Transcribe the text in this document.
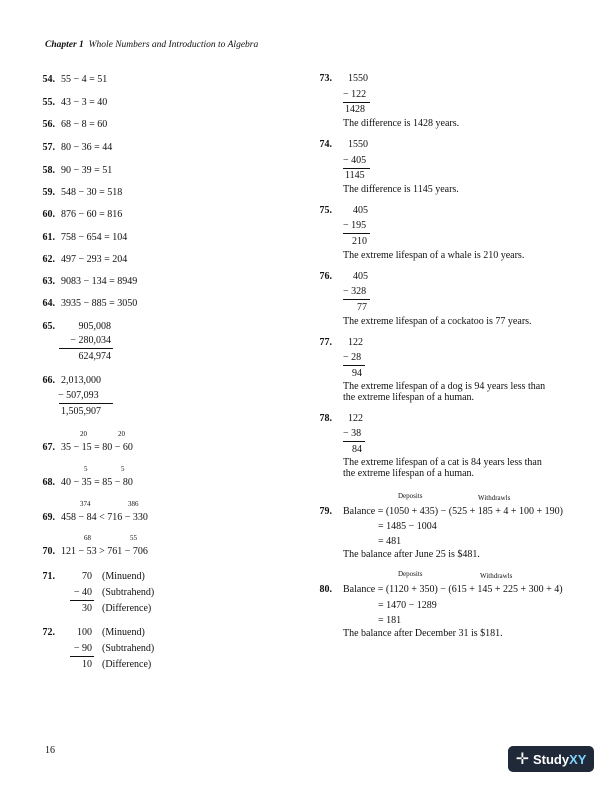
Chapter 1 Whole Numbers and Introduction to Algebra
54. 55 − 4 = 51
55. 43 − 3 = 40
56. 68 − 8 = 60
57. 80 − 36 = 44
58. 90 − 39 = 51
59. 548 − 30 = 518
60. 876 − 60 = 816
61. 758 − 654 = 104
62. 497 − 293 = 204
63. 9083 − 134 = 8949
64. 3935 − 885 = 3050
65.	905,008
− 280,034
624,974
66. 2,013,000
− 507,093
1,505,907
20	20
67. 35 − 15 = 80 − 60
5	5
68. 40 − 35 = 85 − 80
374	386
69. 458 − 84 < 716 − 330
68	55
70. 121 − 53 > 761 − 706
71.	70 (Minuend)
− 40 (Subtrahend)
30 (Difference)
72.	100 (Minuend)
− 90 (Subtrahend)
10 (Difference)
73.	1550
− 122
1428
The difference is 1428 years.
74.	1550
− 405
1145
The difference is 1145 years.
75.	405
− 195
210
The extreme lifespan of a whale is 210 years.
76.	405
− 328
77
The extreme lifespan of a cockatoo is 77 years.
77.	122
− 28
94
The extreme lifespan of a dog is 94 years less than
the extreme lifespan of a human.
78.	122
− 38
84
The extreme lifespan of a cat is 84 years less than
the extreme lifespan of a human.
Deposits	Withdrawls
79.	Balance = (1050 + 435) − (525 + 185 + 4 + 100 + 190)
= 1485 − 1004
= 481
The balance after June 25 is $481.
Deposits	Withdrawls
80.	Balance = (1120 + 350) − (615 + 145 + 225 + 300 + 4)
= 1470 − 1289
= 181
The balance after December 31 is $181.
16
✛ Study XY
